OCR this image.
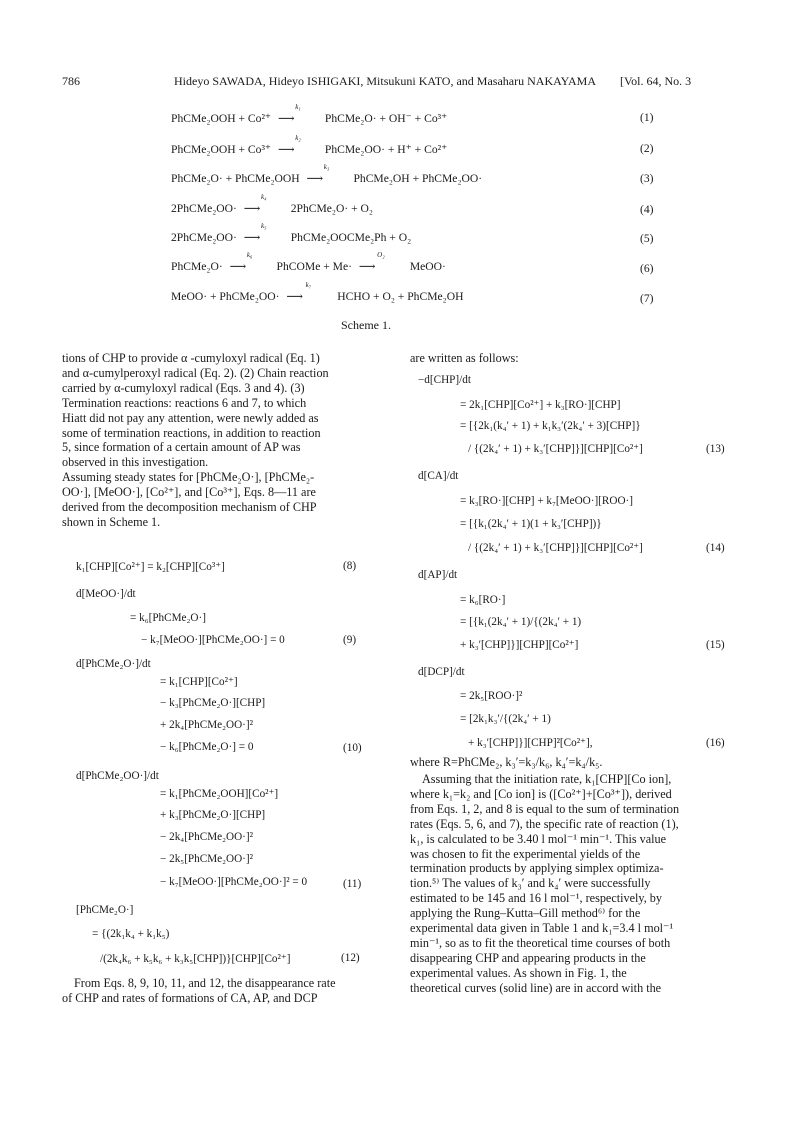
786	Hideyo SAWADA, Hideyo ISHIGAKI, Mitsukuni KATO, and Masaharu NAKAYAMA [Vol. 64, No. 3
PhCMe₂OOH + Co²⁺
k₁
⟶	PhCMe₂O· + OH⁻ + Co³⁺	(1)
PhCMe₂OOH + Co³⁺
k₂
⟶	PhCMe₂OO· + H⁺ + Co²⁺	(2)
PhCMe₂O· + PhCMe₂OOH
k₃
⟶	PhCMe₂OH + PhCMe₂OO·	(3)
2PhCMe₂OO·
k₄
⟶	2PhCMe₂O· + O₂	(4)
2PhCMe₂OO·
k₅
⟶	PhCMe₂OOCMe₂Ph + O₂	(5)
PhCMe₂O·
k₆
⟶	PhCOMe + Me·
O₂
⟶	MeOO·	(6)
MeOO· + PhCMe₂OO·
k₇
⟶	HCHO + O₂ + PhCMe₂OH	(7)
Scheme 1.
tions of CHP to provide α -cumyloxyl radical (Eq. 1)
and α-cumylperoxyl radical (Eq. 2). (2) Chain reaction
carried by α-cumyloxyl radical (Eqs. 3 and 4). (3)
Termination reactions: reactions 6 and 7, to which
Hiatt did not pay any attention, were newly added as
some of termination reactions, in addition to reaction
5, since formation of a certain amount of AP was
observed in this investigation.
Assuming steady states for [PhCMe₂O·], [PhCMe₂-
OO·], [MeOO·], [Co²⁺], and [Co³⁺], Eqs. 8—11 are
derived from the decomposition mechanism of CHP
shown in Scheme 1.
k₁[CHP][Co²⁺] = k₂[CHP][Co³⁺]	(8)
d[MeOO·]/dt
= k₆[PhCMe₂O·]
− k₇[MeOO·][PhCMe₂OO·] = 0	(9)
d[PhCMe₂O·]/dt
= k₁[CHP][Co²⁺]
− k₃[PhCMe₂O·][CHP]
+ 2k₄[PhCMe₂OO·]²
− k₆[PhCMe₂O·] = 0	(10)
d[PhCMe₂OO·]/dt
= k₁[PhCMe₂OOH][Co²⁺]
+ k₃[PhCMe₂O·][CHP]
− 2k₄[PhCMe₂OO·]²
− 2k₅[PhCMe₂OO·]²
− k₇[MeOO·][PhCMe₂OO·]² = 0	(11)
[PhCMe₂O·]
= {(2k₁k₄ + k₁k₅)
/(2k₄k₆ + k₅k₆ + k₃k₅[CHP])}[CHP][Co²⁺]	(12)
From Eqs. 8, 9, 10, 11, and 12, the disappearance rate
of CHP and rates of formations of CA, AP, and DCP
are written as follows:
−d[CHP]/dt
= 2k₁[CHP][Co²⁺] + k₃[RO·][CHP]
= [{2k₁(k₄′ + 1) + k₁k₃′(2k₄′ + 3)[CHP]}
/ {(2k₄′ + 1) + k₃′[CHP]}][CHP][Co²⁺]	(13)
d[CA]/dt
= k₃[RO·][CHP] + k₇[MeOO·][ROO·]
= [{k₁(2k₄′ + 1)(1 + k₃′[CHP])}
/ {(2k₄′ + 1) + k₃′[CHP]}][CHP][Co²⁺]	(14)
d[AP]/dt
= k₆[RO·]
= [{k₁(2k₄′ + 1)/{(2k₄′ + 1)
+ k₃′[CHP]}][CHP][Co²⁺]	(15)
d[DCP]/dt
= 2k₅[ROO·]²
= [2k₁k₃′/{(2k₄′ + 1)
+ k₃′[CHP]}][CHP]²[Co²⁺],	(16)
where R=PhCMe₂, k₃′=k₃/k₆, k₄′=k₄/k₅.
Assuming that the initiation rate, k₁[CHP][Co ion],
where k₁=k₂ and [Co ion] is ([Co²⁺]+[Co³⁺]), derived
from Eqs. 1, 2, and 8 is equal to the sum of termination
rates (Eqs. 5, 6, and 7), the specific rate of reaction (1),
k₁, is calculated to be 3.40 l mol⁻¹ min⁻¹. This value
was chosen to fit the experimental yields of the
termination products by applying simplex optimiza-
tion.⁵⁾ The values of k₃′ and k₄′ were successfully
estimated to be 145 and 16 l mol⁻¹, respectively, by
applying the Rung–Kutta–Gill method⁶⁾ for the
experimental data given in Table 1 and k₁=3.4 l mol⁻¹
min⁻¹, so as to fit the theoretical time courses of both
disappearing CHP and appearing products in the
experimental values. As shown in Fig. 1, the
theoretical curves (solid line) are in accord with the
